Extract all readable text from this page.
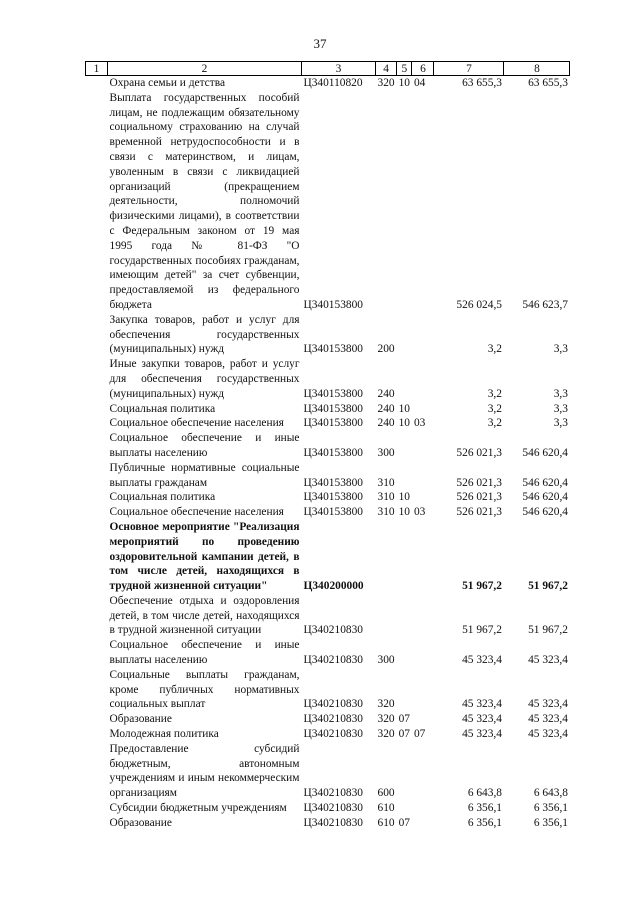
37
1	2	3	4	5	6	7	8
	Охрана семьи и детства	Ц340110820	320	10	04	63 655,3	63 655,3
	Выплата государственных пособий лицам, не подлежащим обязательному социальному страхованию на случай временной нетрудоспособности и в связи с материнством, и лицам, уволенным в связи с ликвидацией организаций (прекращением деятельности, полномочий физическими лицами), в соответствии с Федеральным законом от 19 мая 1995 года № 81-ФЗ "О государственных пособиях гражданам, имеющим детей" за счет субвенции, предоставляемой из федерального бюджета	Ц340153800				526 024,5	546 623,7
	Закупка товаров, работ и услуг для обеспечения государственных (муниципальных) нужд	Ц340153800	200			3,2	3,3
	Иные закупки товаров, работ и услуг для обеспечения государственных (муниципальных) нужд	Ц340153800	240			3,2	3,3
	Социальная политика	Ц340153800	240	10		3,2	3,3
	Социальное обеспечение населения	Ц340153800	240	10	03	3,2	3,3
	Социальное обеспечение и иные выплаты населению	Ц340153800	300			526 021,3	546 620,4
	Публичные нормативные социальные выплаты гражданам	Ц340153800	310			526 021,3	546 620,4
	Социальная политика	Ц340153800	310	10		526 021,3	546 620,4
	Социальное обеспечение населения	Ц340153800	310	10	03	526 021,3	546 620,4
	Основное мероприятие "Реализация мероприятий по проведению оздоровительной кампании детей, в том числе детей, находящихся в трудной жизненной ситуации"	Ц340200000				51 967,2	51 967,2
	Обеспечение отдыха и оздоровления детей, в том числе детей, находящихся в трудной жизненной ситуации	Ц340210830				51 967,2	51 967,2
	Социальное обеспечение и иные выплаты населению	Ц340210830	300			45 323,4	45 323,4
	Социальные выплаты гражданам, кроме публичных нормативных социальных выплат	Ц340210830	320			45 323,4	45 323,4
	Образование	Ц340210830	320	07		45 323,4	45 323,4
	Молодежная политика	Ц340210830	320	07	07	45 323,4	45 323,4
	Предоставление субсидий бюджетным, автономным учреждениям и иным некоммерческим организациям	Ц340210830	600			6 643,8	6 643,8
	Субсидии бюджетным учреждениям	Ц340210830	610			6 356,1	6 356,1
	Образование	Ц340210830	610	07		6 356,1	6 356,1
